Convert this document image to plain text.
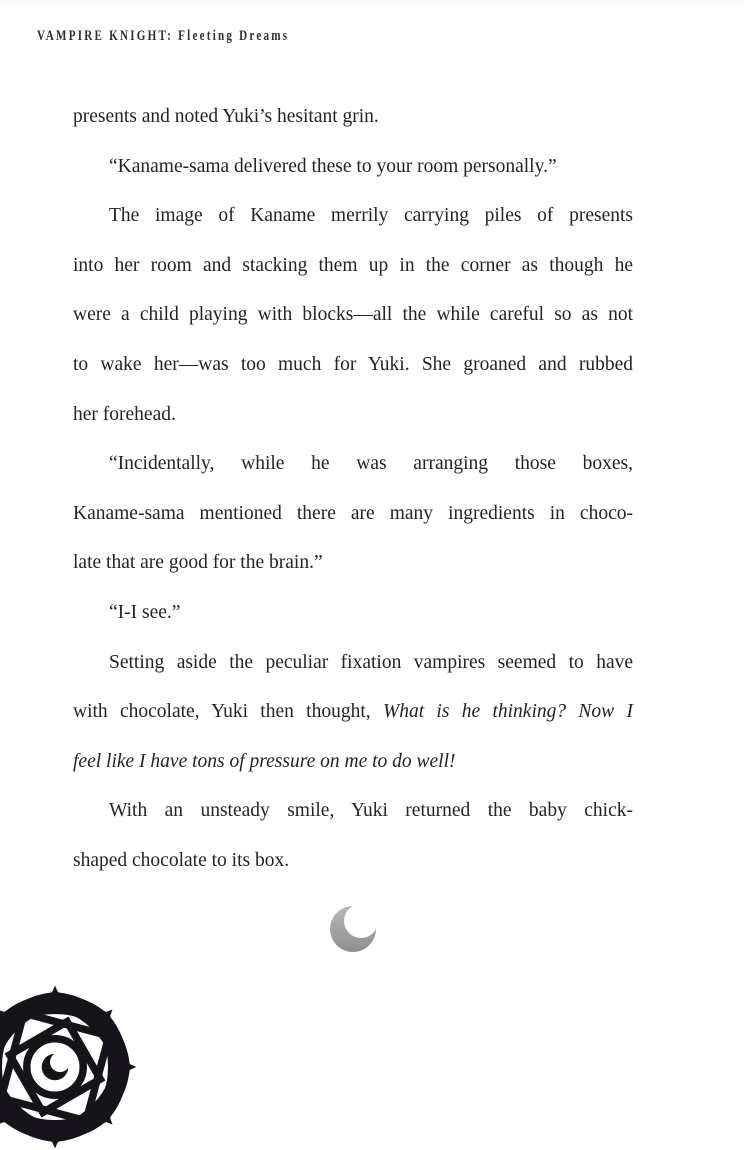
VAMPIRE KNIGHT: Fleeting Dreams
presents and noted Yuki’s hesitant grin.
“Kaname-sama delivered these to your room personally.”
The image of Kaname merrily carrying piles of presents
into her room and stacking them up in the corner as though he
were a child playing with blocks—all the while careful so as not
to wake her—was too much for Yuki. She groaned and rubbed
her forehead.
“Incidentally, while he was arranging those boxes,
Kaname-sama mentioned there are many ingredients in choco-
late that are good for the brain.”
“I-I see.”
Setting aside the peculiar fixation vampires seemed to have
with chocolate, Yuki then thought, What is he thinking? Now I
feel like I have tons of pressure on me to do well!
With an unsteady smile, Yuki returned the baby chick-
shaped chocolate to its box.
